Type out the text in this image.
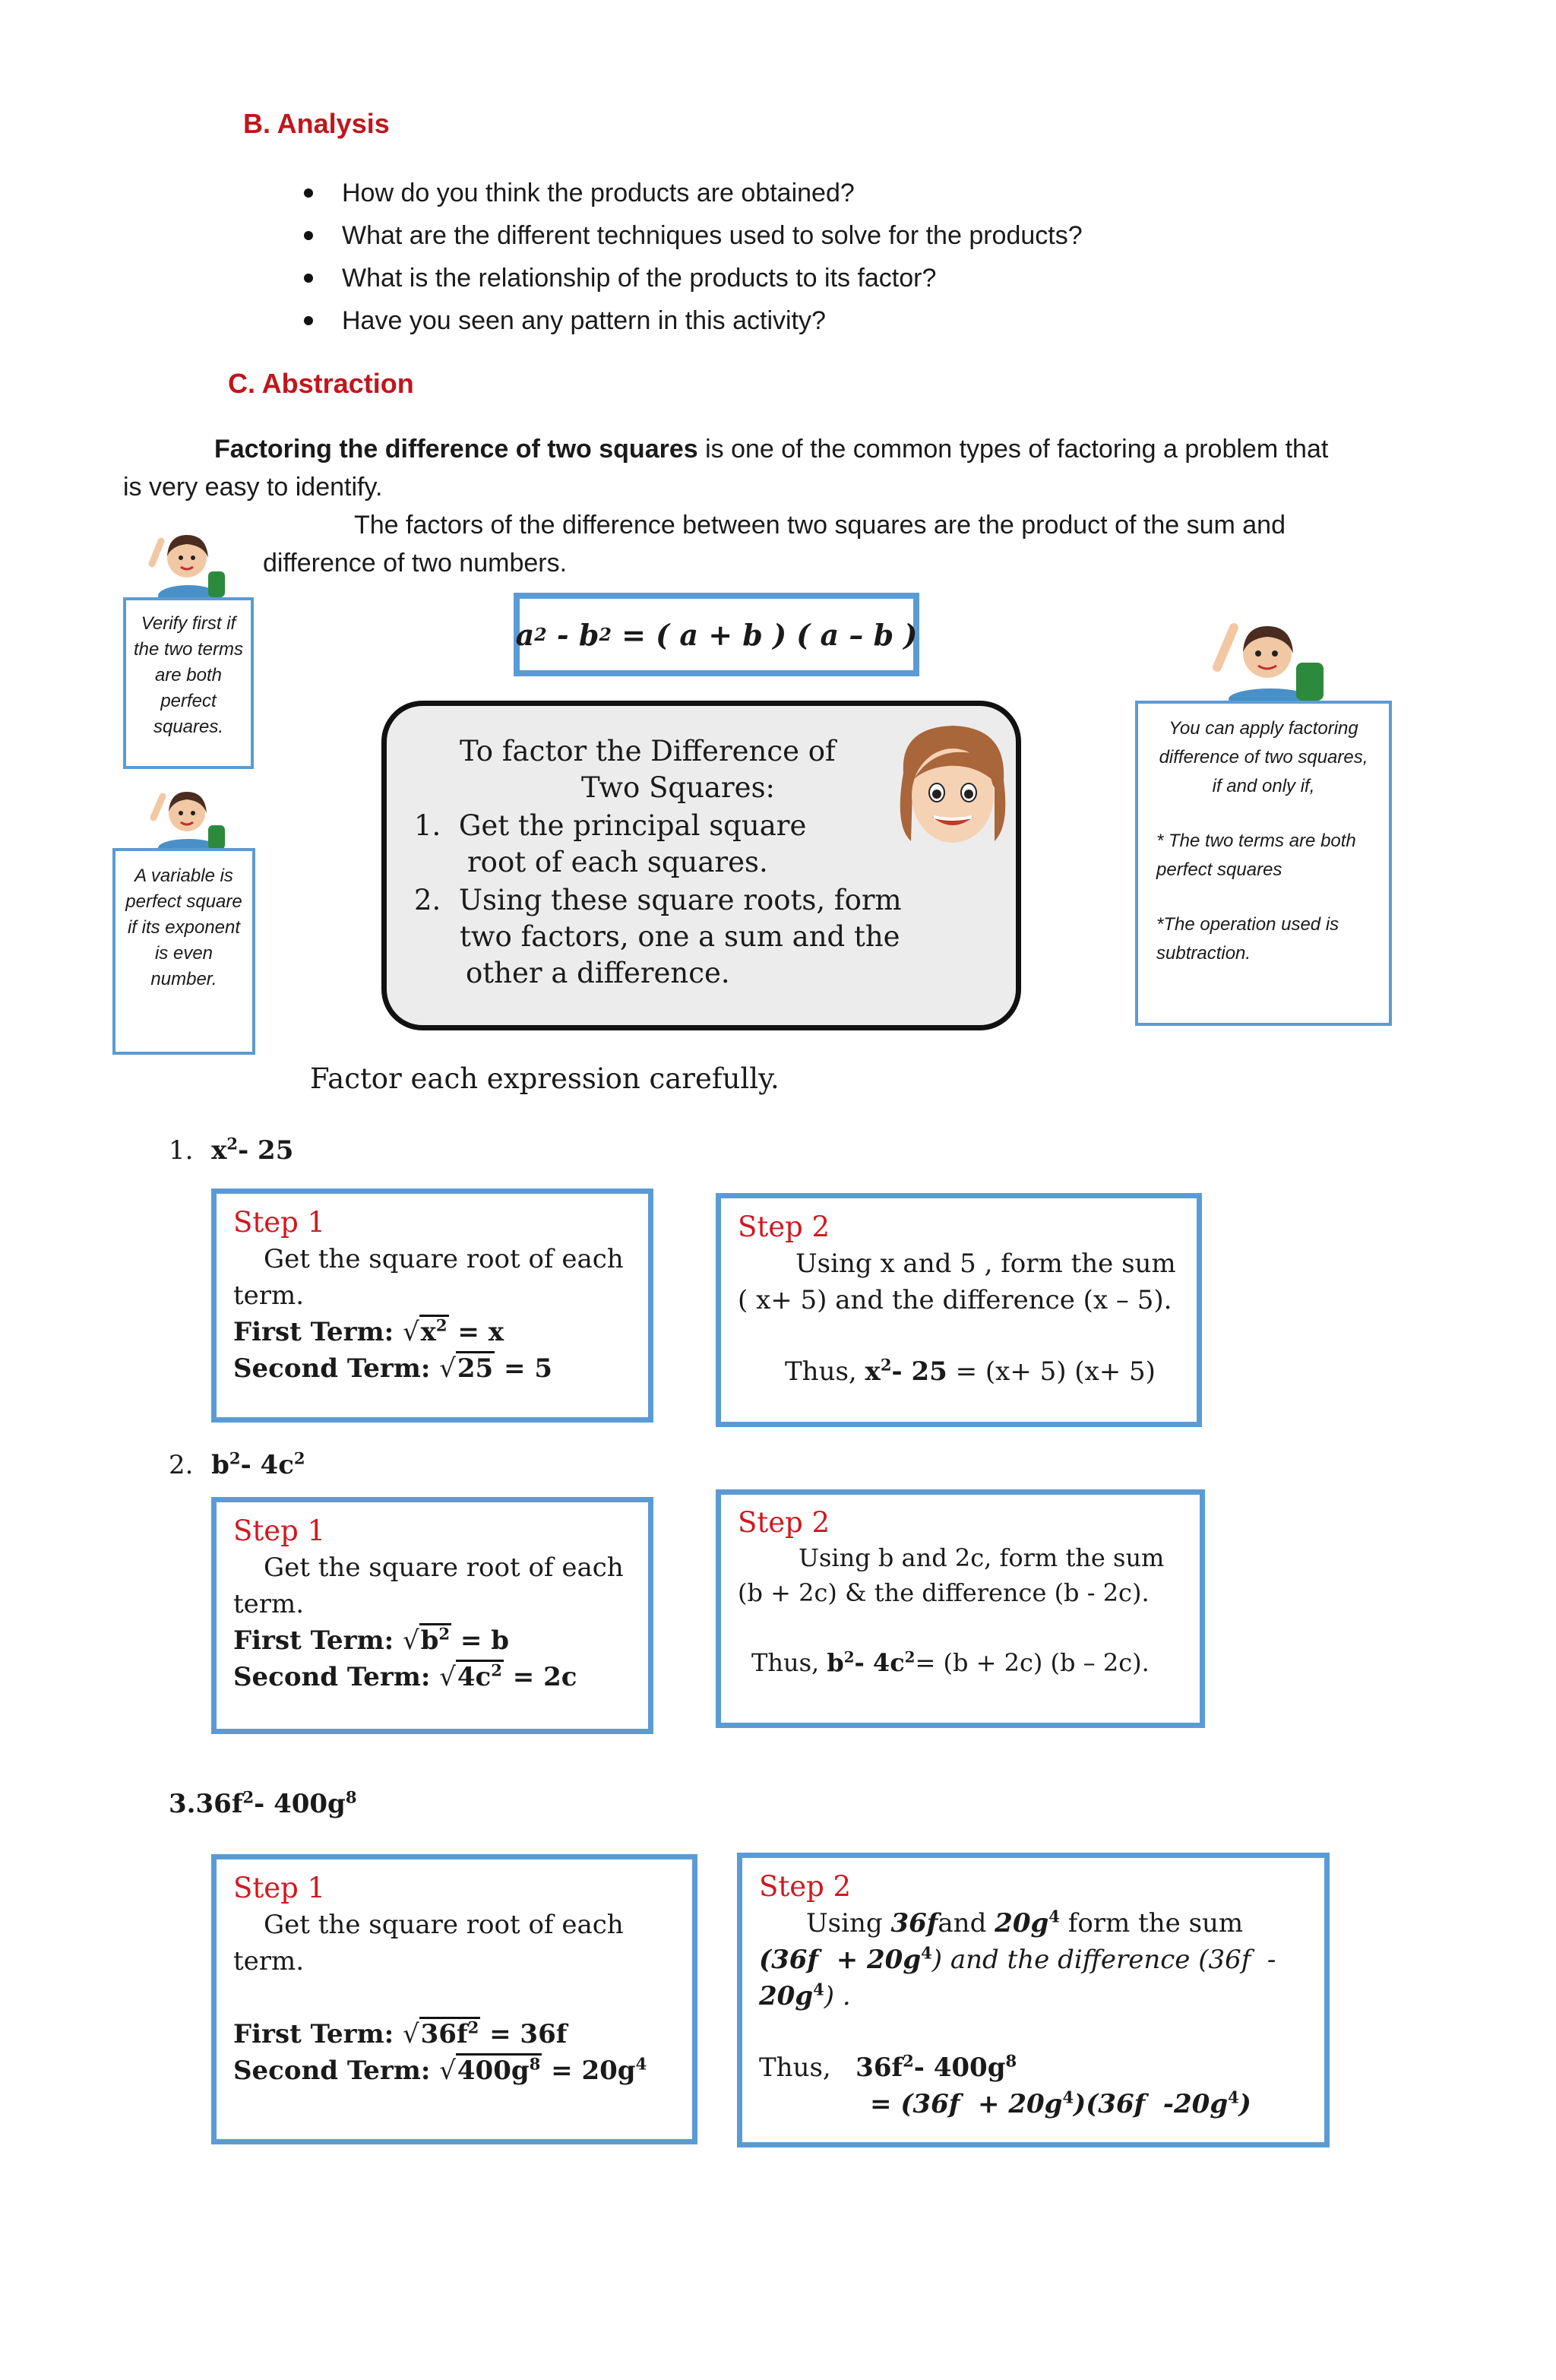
B. Analysis
How do you think the products are obtained?
What are the different techniques used to solve for the products?
What is the relationship of the products to its factor?
Have you seen any pattern in this activity?
C. Abstraction
Factoring the difference of two squares is one of the common types of factoring a problem that
is very easy to identify.
The factors of the difference between two squares are the product of the sum and
difference of two numbers.
Verify first if the two terms are both perfect squares.
A variable is perfect square if its exponent is even number.
You can apply factoring difference of two squares, if and only if,
* The two terms are both perfect squares
*The operation used is subtraction.
a 2 - b 2 = ( a + b ) ( a – b )
To factor the Difference of
Two Squares:
1.  Get the principal square
root of each squares.
2.  Using these square roots, form
two factors, one a sum and the
other a difference.
Factor each expression carefully.
1. $x^2-$ 25
Step 1
Get the square root of each
term.
First Term: $√x^2 = x$
Second Term: √25 = 5
Step 2
Using x and 5 , form the sum
( x+ 5) and the difference (x – 5).
Thus, $x^2-$ 25 = (x+ 5) (x+ 5)
2. $b^2-$ $4c^2$
Step 1
Get the square root of each
term.
First Term: $√b^2 = b$
Second Term: $√4c^2 = 2c$
Step 2
Using b and 2c, form the sum
(b + 2c) & the difference (b - 2c).
Thus, $b^2-$ $4c^2= (b + 2c)$ (b – 2c).
$3.36f^2-$ $400g^8$
Step 1
Get the square root of each
term.
First Term: $√36f^2 = 36f$
Second Term: $√400g^8 = 20g^4$
Step 2
Using 36fand $20g^4$ form the sum
$(36f + 20g^4)$ and the difference (36f  -
$20g^4$) .
Thus, $36f^2-$ $400g^8$
= $(36f + 20g^4)(36f$  $-20g^4$)
